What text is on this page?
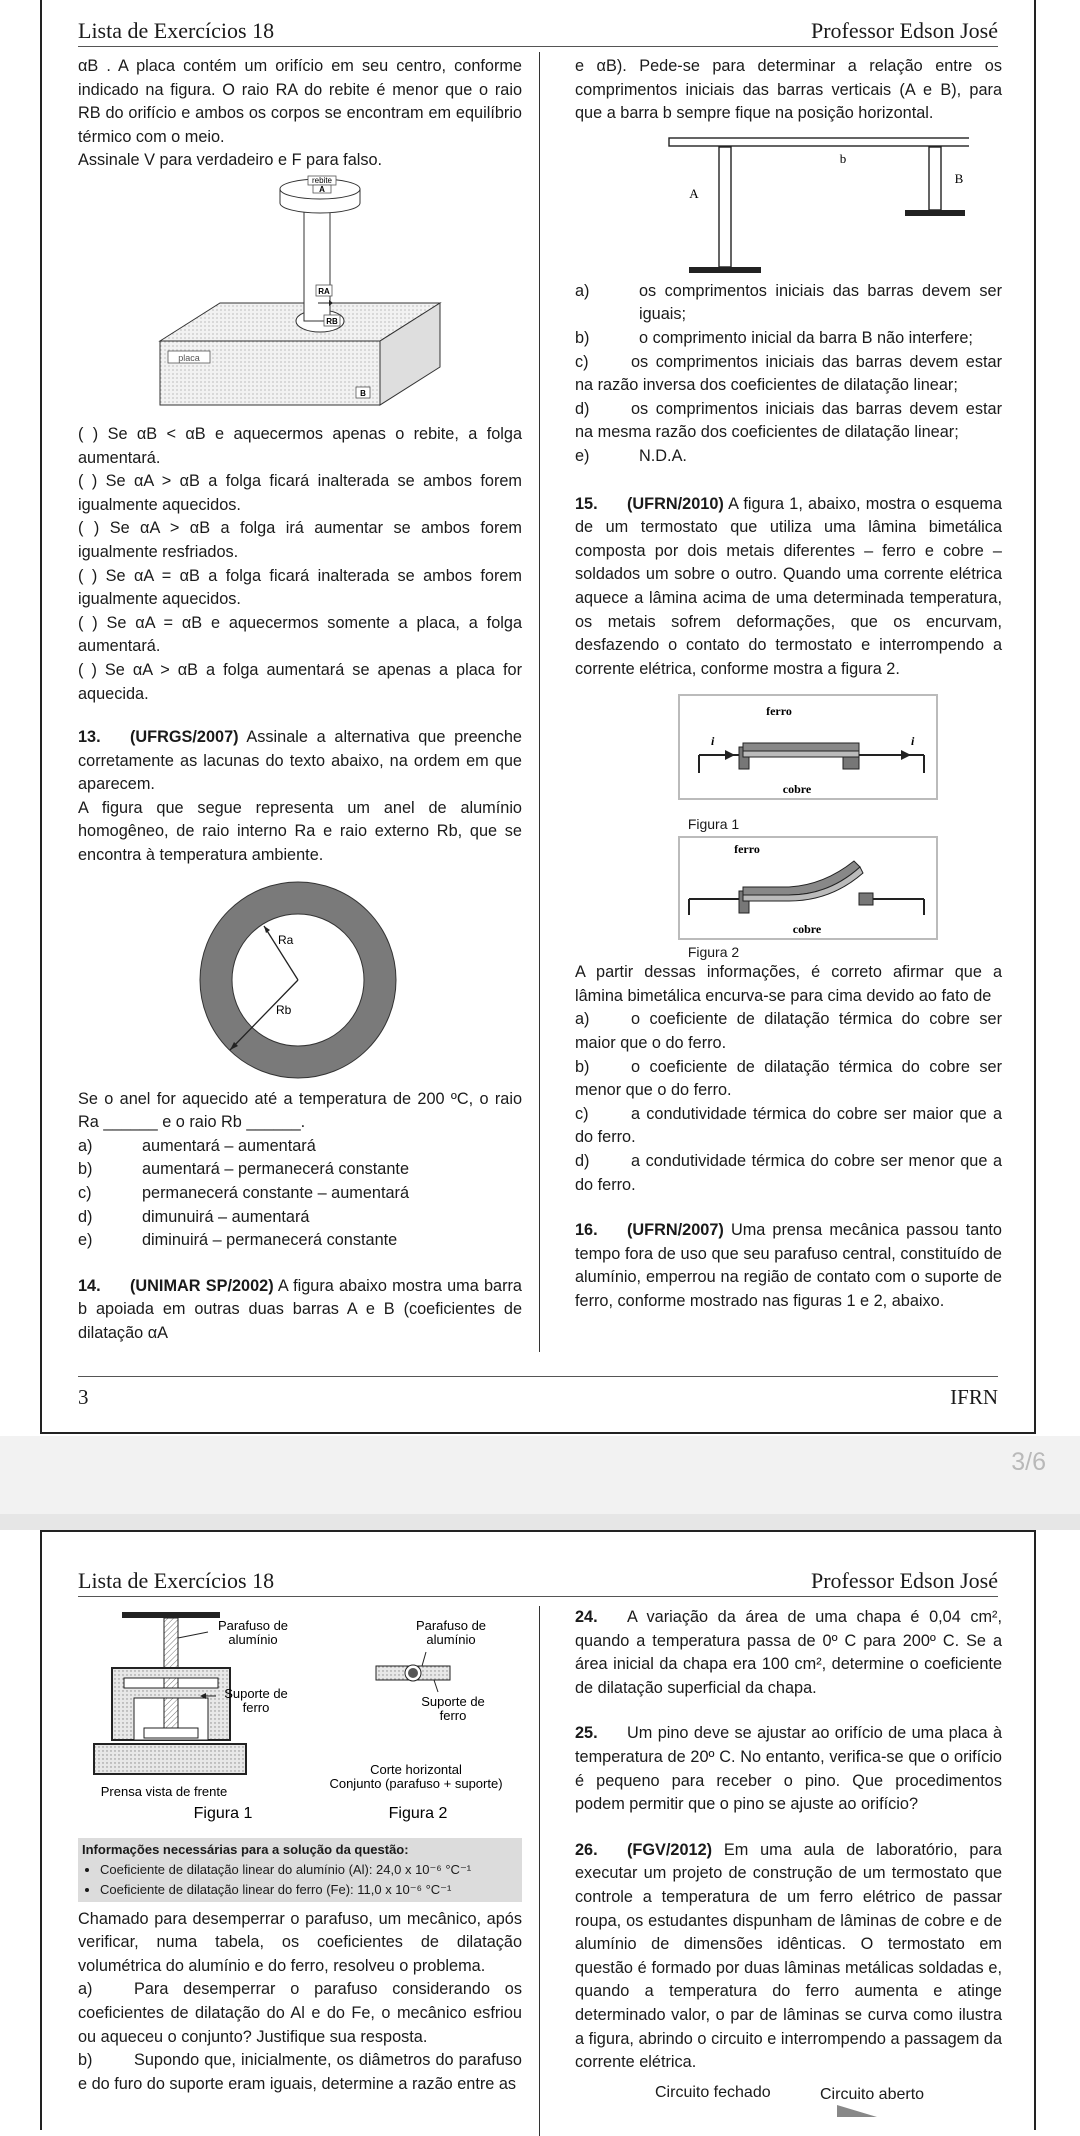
Lista de Exercícios 18	Professor Edson José

αB . A placa contém um orifício em seu centro, conforme indicado na figura. O raio RA do rebite é menor que o raio RB do orifício e ambos os corpos se encontram em equilíbrio térmico com o meio.

Assinale V para verdadeiro e F para falso.

rebite
A
RA
RB
placa
B

( ) Se αB < αB e aquecermos apenas o rebite, a folga aumentará.

( ) Se αA > αB a folga ficará inalterada se ambos forem igualmente aquecidos.

( ) Se αA > αB a folga irá aumentar se ambos forem igualmente resfriados.

( ) Se αA = αB a folga ficará inalterada se ambos forem igualmente aquecidos.

( ) Se αA = αB e aquecermos somente a placa, a folga aumentará.

( ) Se αA > αB a folga aumentará se apenas a placa for aquecida.

13. (UFRGS/2007) Assinale a alternativa que preenche corretamente as lacunas do texto abaixo, na ordem em que aparecem.

A figura que segue representa um anel de alumínio homogêneo, de raio interno Ra e raio externo Rb, que se encontra à temperatura ambiente.

Ra
Rb

Se o anel for aquecido até a temperatura de 200 ºC, o raio Ra ______ e o raio Rb ______.

a)	aumentará – aumentará
b)	aumentará – permanecerá constante
c)	permanecerá constante – aumentará
d)	dimunuirá – aumentará
e)	diminuirá – permanecerá constante

14. (UNIMAR SP/2002) A figura abaixo mostra uma barra b apoiada em outras duas barras A e B (coeficientes de dilatação αA

e αB). Pede-se para determinar a relação entre os comprimentos iniciais das barras verticais (A e B), para que a barra b sempre fique na posição horizontal.

b
A
B
a)	os comprimentos iniciais das barras devem ser iguais;
b)	o comprimento inicial da barra B não interfere;

c)	os comprimentos iniciais das barras devem estar na razão inversa dos coeficientes de dilatação linear;

d)	os comprimentos iniciais das barras devem estar na mesma razão dos coeficientes de dilatação linear;

e)	N.D.A.

15. (UFRN/2010) A figura 1, abaixo, mostra o esquema de um termostato que utiliza uma lâmina bimetálica composta por dois metais diferentes – ferro e cobre – soldados um sobre o outro. Quando uma corrente elétrica aquece a lâmina acima de uma determinada temperatura, os metais sofrem deformações, que os encurvam, desfazendo o contato do termostato e interrompendo a corrente elétrica, conforme mostra a figura 2.

ferro
i	i
cobre
Figura 1
ferro
cobre
Figura 2

A partir dessas informações, é correto afirmar que a lâmina bimetálica encurva-se para cima devido ao fato de

a)	o coeficiente de dilatação térmica do cobre ser maior que o do ferro.

b)	o coeficiente de dilatação térmica do cobre ser menor que o do ferro.

c)	a condutividade térmica do cobre ser maior que a do ferro.

d)	a condutividade térmica do cobre ser menor que a do ferro.

16. (UFRN/2007) Uma prensa mecânica passou tanto tempo fora de uso que seu parafuso central, constituído de alumínio, emperrou na região de contato com o suporte de ferro, conforme mostrado nas figuras 1 e 2, abaixo.

3	IFRN
3/6
Lista de Exercícios 18	Professor Edson José
Parafuso de
alumínio
Suporte de
ferro
Prensa vista de frente
Figura 1
Parafuso de
alumínio
Suporte de
ferro
Corte horizontal
Conjunto (parafuso + suporte)
Figura 2
Informações necessárias para a solução da questão:
• Coeficiente de dilatação linear do alumínio (Al): 24,0 x 10⁻⁶ °C⁻¹
• Coeficiente de dilatação linear do ferro (Fe): 11,0 x 10⁻⁶ °C⁻¹

Chamado para desemperrar o parafuso, um mecânico, após verificar, numa tabela, os coeficientes de dilatação volumétrica do alumínio e do ferro, resolveu o problema.

a)	Para desemperrar o parafuso considerando os coeficientes de dilatação do Al e do Fe, o mecânico esfriou ou aqueceu o conjunto? Justifique sua resposta.

b)	Supondo que, inicialmente, os diâmetros do parafuso e do furo do suporte eram iguais, determine a razão entre as

24. A variação da área de uma chapa é 0,04 cm², quando a temperatura passa de 0º C para 200º C. Se a área inicial da chapa era 100 cm², determine o coeficiente de dilatação superficial da chapa.

25. Um pino deve se ajustar ao orifício de uma placa à temperatura de 20º C. No entanto, verifica-se que o orifício é pequeno para receber o pino. Que procedimentos podem permitir que o pino se ajuste ao orifício?

26. (FGV/2012) Em uma aula de laboratório, para executar um projeto de construção de um termostato que controle a temperatura de um ferro elétrico de passar roupa, os estudantes dispunham de lâminas de cobre e de alumínio de dimensões idênticas. O termostato em questão é formado por duas lâminas metálicas soldadas e, quando a temperatura do ferro aumenta e atinge determinado valor, o par de lâminas se curva como ilustra a figura, abrindo o circuito e interrompendo a passagem da corrente elétrica.

Circuito fechado	Circuito aberto
